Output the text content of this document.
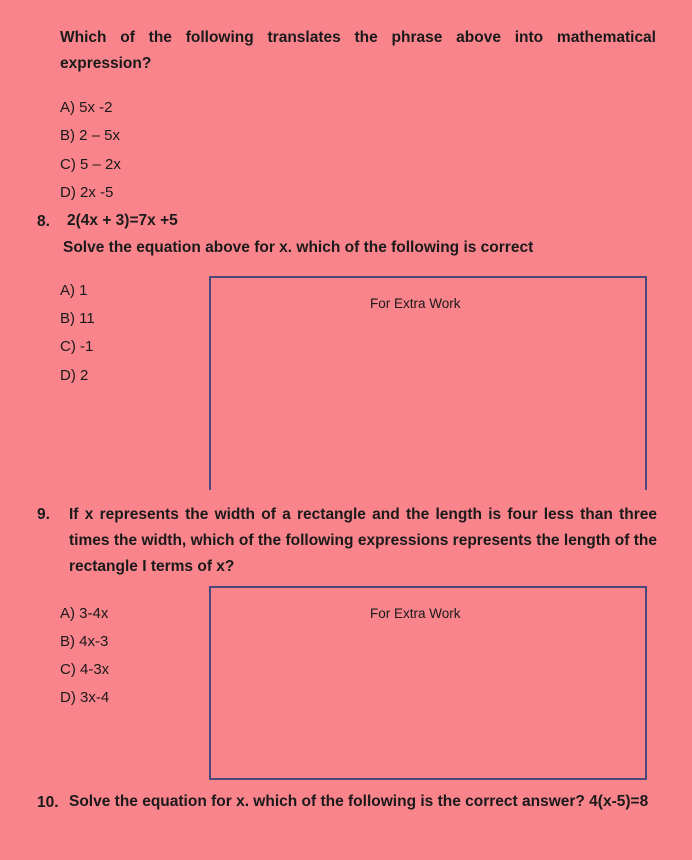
Which of the following translates the phrase above into mathematical expression?
A) 5x -2
B) 2 – 5x
C) 5 – 2x
D) 2x -5
8. 2(4x + 3)=7x +5
Solve the equation above for x. which of the following is correct
A) 1
B) 11
C) -1
D) 2
For Extra Work
9. If x represents the width of a rectangle and the length is four less than three times the width, which of the following expressions represents the length of the rectangle I terms of x?
A) 3-4x
B) 4x-3
C) 4-3x
D) 3x-4
For Extra Work
10. Solve the equation for x. which of the following is the correct answer? 4(x-5)=8
